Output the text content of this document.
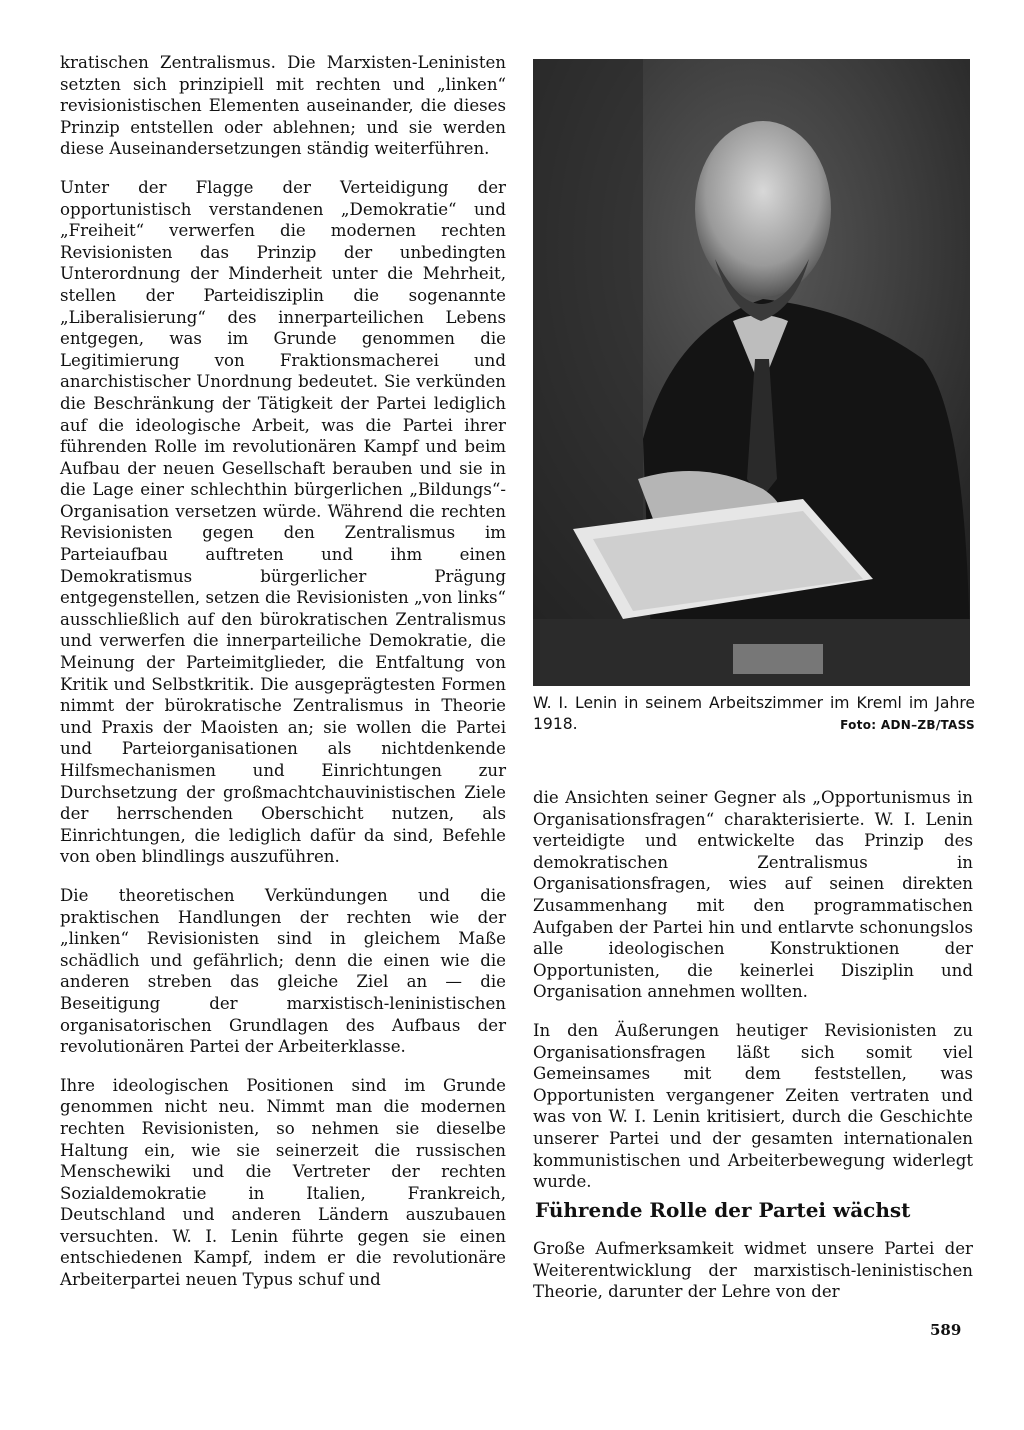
kratischen Zentralismus. Die Marxisten-Leninisten setzten sich prinzipiell mit rechten und „linken“ revisionistischen Elementen auseinander, die dieses Prinzip entstellen oder ablehnen; und sie werden diese Auseinandersetzungen ständig weiterführen.

Unter der Flagge der Verteidigung der opportunistisch verstandenen „Demokratie“ und „Freiheit“ verwerfen die modernen rechten Revisionisten das Prinzip der unbedingten Unterordnung der Minderheit unter die Mehrheit, stellen der Parteidisziplin die sogenannte „Liberalisierung“ des innerparteilichen Lebens entgegen, was im Grunde genommen die Legitimierung von Fraktionsmacherei und anarchistischer Unordnung bedeutet. Sie verkünden die Beschränkung der Tätigkeit der Partei lediglich auf die ideologische Arbeit, was die Partei ihrer führenden Rolle im revolutionären Kampf und beim Aufbau der neuen Gesellschaft berauben und sie in die Lage einer schlechthin bürgerlichen „Bildungs“-Organisation versetzen würde. Während die rechten Revisionisten gegen den Zentralismus im Parteiaufbau auftreten und ihm einen Demokratismus bürgerlicher Prägung entgegenstellen, setzen die Revisionisten „von links“ ausschließlich auf den bürokratischen Zentralismus und verwerfen die innerparteiliche Demokratie, die Meinung der Parteimitglieder, die Entfaltung von Kritik und Selbstkritik. Die ausgeprägtesten Formen nimmt der bürokratische Zentralismus in Theorie und Praxis der Maoisten an; sie wollen die Partei und Parteiorganisationen als nichtdenkende Hilfsmechanismen und Einrichtungen zur Durchsetzung der großmachtchauvinistischen Ziele der herrschenden Oberschicht nutzen, als Einrichtungen, die lediglich dafür da sind, Befehle von oben blindlings auszuführen.

Die theoretischen Verkündungen und die praktischen Handlungen der rechten wie der „linken“ Revisionisten sind in gleichem Maße schädlich und gefährlich; denn die einen wie die anderen streben das gleiche Ziel an — die Beseitigung der marxistisch-leninistischen organisatorischen Grundlagen des Aufbaus der revolutionären Partei der Arbeiterklasse.

Ihre ideologischen Positionen sind im Grunde genommen nicht neu. Nimmt man die modernen rechten Revisionisten, so nehmen sie dieselbe Haltung ein, wie sie seinerzeit die russischen Menschewiki und die Vertreter der rechten Sozialdemokratie in Italien, Frankreich, Deutschland und anderen Ländern auszubauen versuchten. W. I. Lenin führte gegen sie einen entschiedenen Kampf, indem er die revolutionäre Arbeiterpartei neuen Typus schuf und

W. I. Lenin in seinem Arbeitszimmer im Kreml im Jahre 1918.	Foto: ADN–ZB/TASS

die Ansichten seiner Gegner als „Opportunismus in Organisationsfragen“ charakterisierte. W. I. Lenin verteidigte und entwickelte das Prinzip des demokratischen Zentralismus in Organisationsfragen, wies auf seinen direkten Zusammenhang mit den programmatischen Aufgaben der Partei hin und entlarvte schonungslos alle ideologischen Konstruktionen der Opportunisten, die keinerlei Disziplin und Organisation annehmen wollten.

In den Äußerungen heutiger Revisionisten zu Organisationsfragen läßt sich somit viel Gemeinsames mit dem feststellen, was Opportunisten vergangener Zeiten vertraten und was von W. I. Lenin kritisiert, durch die Geschichte unserer Partei und der gesamten internationalen kommunistischen und Arbeiterbewegung widerlegt wurde.

Führende Rolle der Partei wächst

Große Aufmerksamkeit widmet unsere Partei der Weiterentwicklung der marxistisch-leninistischen Theorie, darunter der Lehre von der

589
